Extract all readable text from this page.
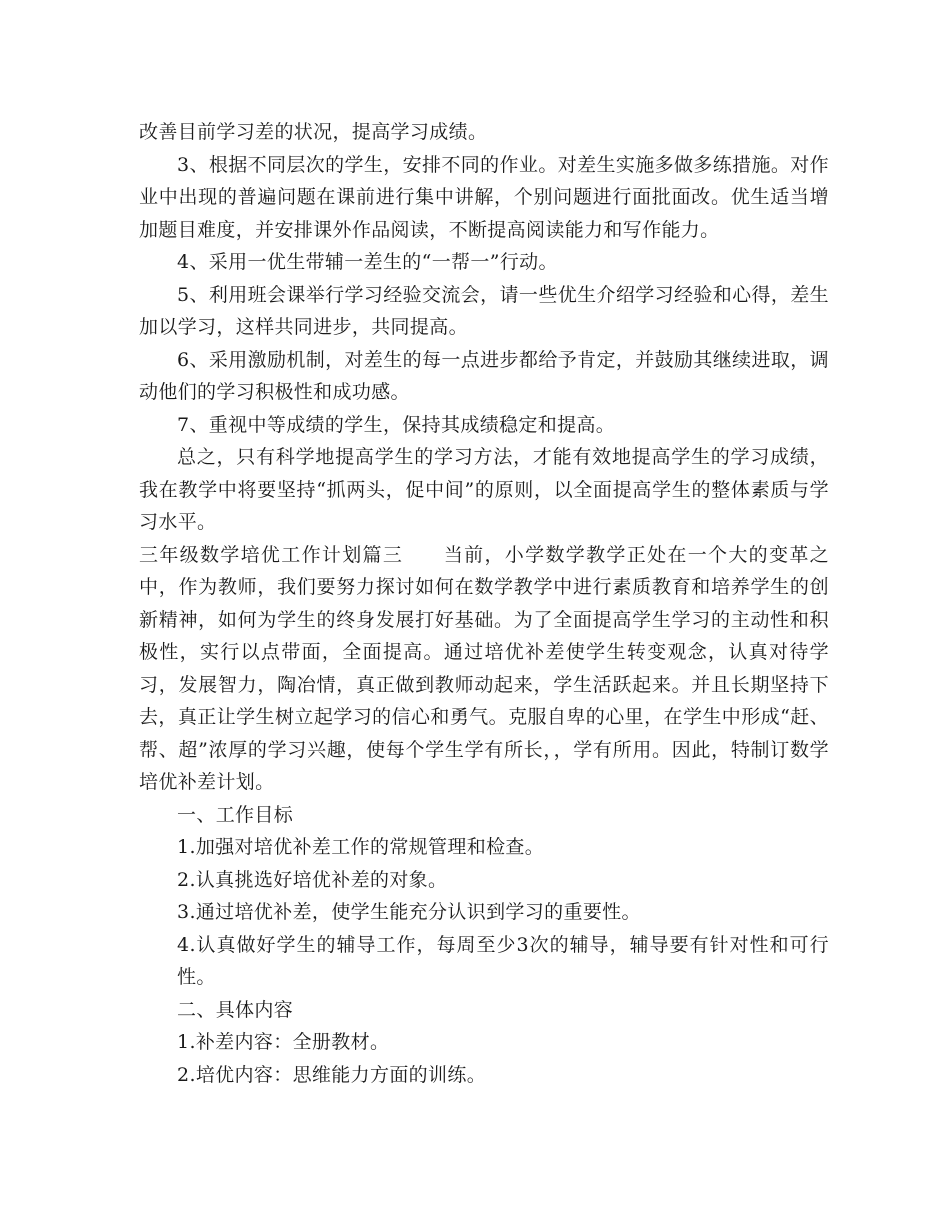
改善目前学习差的状况，提高学习成绩。

3、根据不同层次的学生，安排不同的作业。对差生实施多做多练措施。对作业中出现的普遍问题在课前进行集中讲解，个别问题进行面批面改。优生适当增加题目难度，并安排课外作品阅读，不断提高阅读能力和写作能力。

4、采用一优生带辅一差生的“一帮一”行动。

5、利用班会课举行学习经验交流会，请一些优生介绍学习经验和心得，差生加以学习，这样共同进步，共同提高。

6、采用激励机制，对差生的每一点进步都给予肯定，并鼓励其继续进取，调动他们的学习积极性和成功感。

7、重视中等成绩的学生，保持其成绩稳定和提高。

总之，只有科学地提高学生的学习方法，才能有效地提高学生的学习成绩，我在教学中将要坚持“抓两头，促中间”的原则，以全面提高学生的整体素质与学习水平。

三年级数学培优工作计划篇三　　当前，小学数学教学正处在一个大的变革之中，作为教师，我们要努力探讨如何在数学教学中进行素质教育和培养学生的创新精神，如何为学生的终身发展打好基础。为了全面提高学生学习的主动性和积极性，实行以点带面，全面提高。通过培优补差使学生转变观念，认真对待学习，发展智力，陶冶情，真正做到教师动起来，学生活跃起来。并且长期坚持下去，真正让学生树立起学习的信心和勇气。克服自卑的心里，在学生中形成“赶、帮、超”浓厚的学习兴趣，使每个学生学有所长，，学有所用。因此，特制订数学培优补差计划。

一、工作目标

1.加强对培优补差工作的常规管理和检查。

2.认真挑选好培优补差的对象。

3.通过培优补差，使学生能充分认识到学习的重要性。

4.认真做好学生的辅导工作，每周至少3次的辅导，辅导要有针对性和可行性。

二、具体内容

1.补差内容：全册教材。

2.培优内容：思维能力方面的训练。
